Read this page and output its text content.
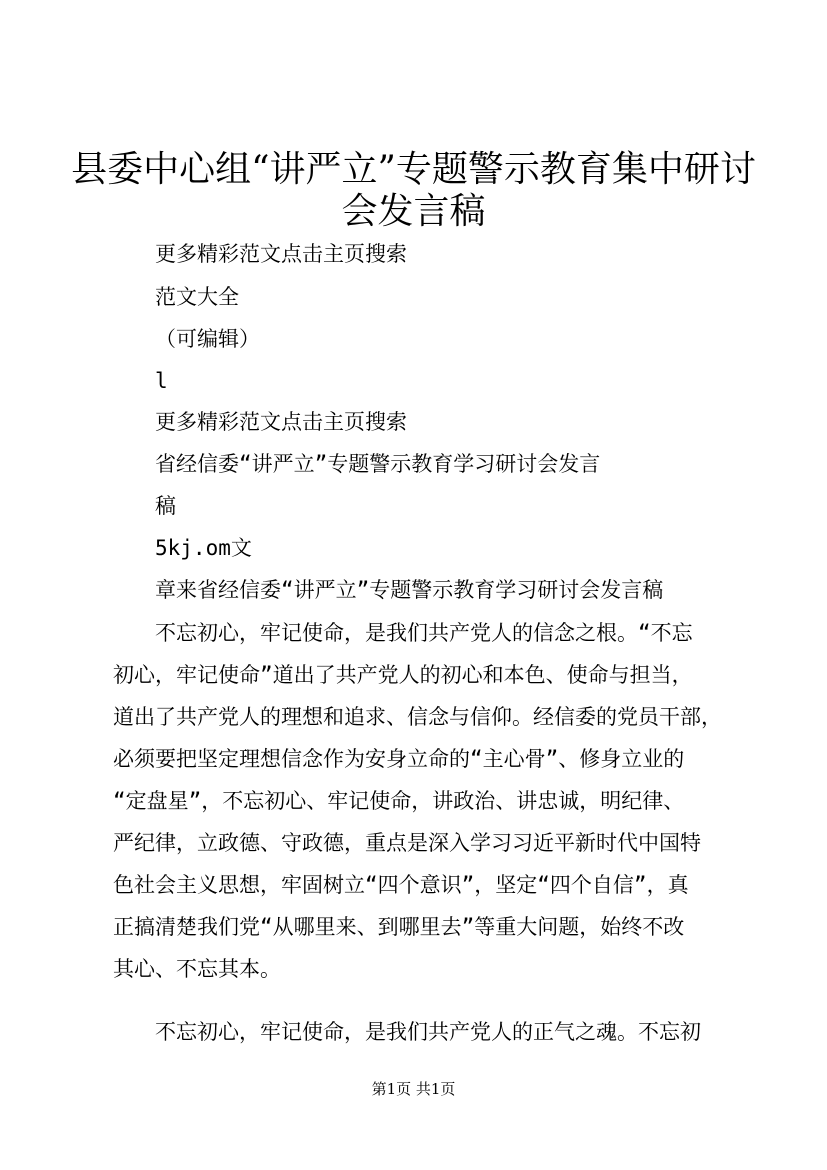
县委中心组“讲严立”专题警示教育集中研讨
会发言稿
更多精彩范文点击主页搜索
范文大全
（可编辑）
l
更多精彩范文点击主页搜索
省经信委“讲严立”专题警示教育学习研讨会发言
稿
5kj.om文
章来省经信委“讲严立”专题警示教育学习研讨会发言稿
不忘初心，牢记使命，是我们共产党人的信念之根。“不忘
初心，牢记使命”道出了共产党人的初心和本色、使命与担当，
道出了共产党人的理想和追求、信念与信仰。经信委的党员干部，
必须要把坚定理想信念作为安身立命的“主心骨”、修身立业的
“定盘星”，不忘初心、牢记使命，讲政治、讲忠诚，明纪律、
严纪律，立政德、守政德，重点是深入学习习近平新时代中国特
色社会主义思想，牢固树立“四个意识”，坚定“四个自信”，真
正搞清楚我们党“从哪里来、到哪里去”等重大问题，始终不改
其心、不忘其本。
不忘初心，牢记使命，是我们共产党人的正气之魂。不忘初
第1页 共1页
